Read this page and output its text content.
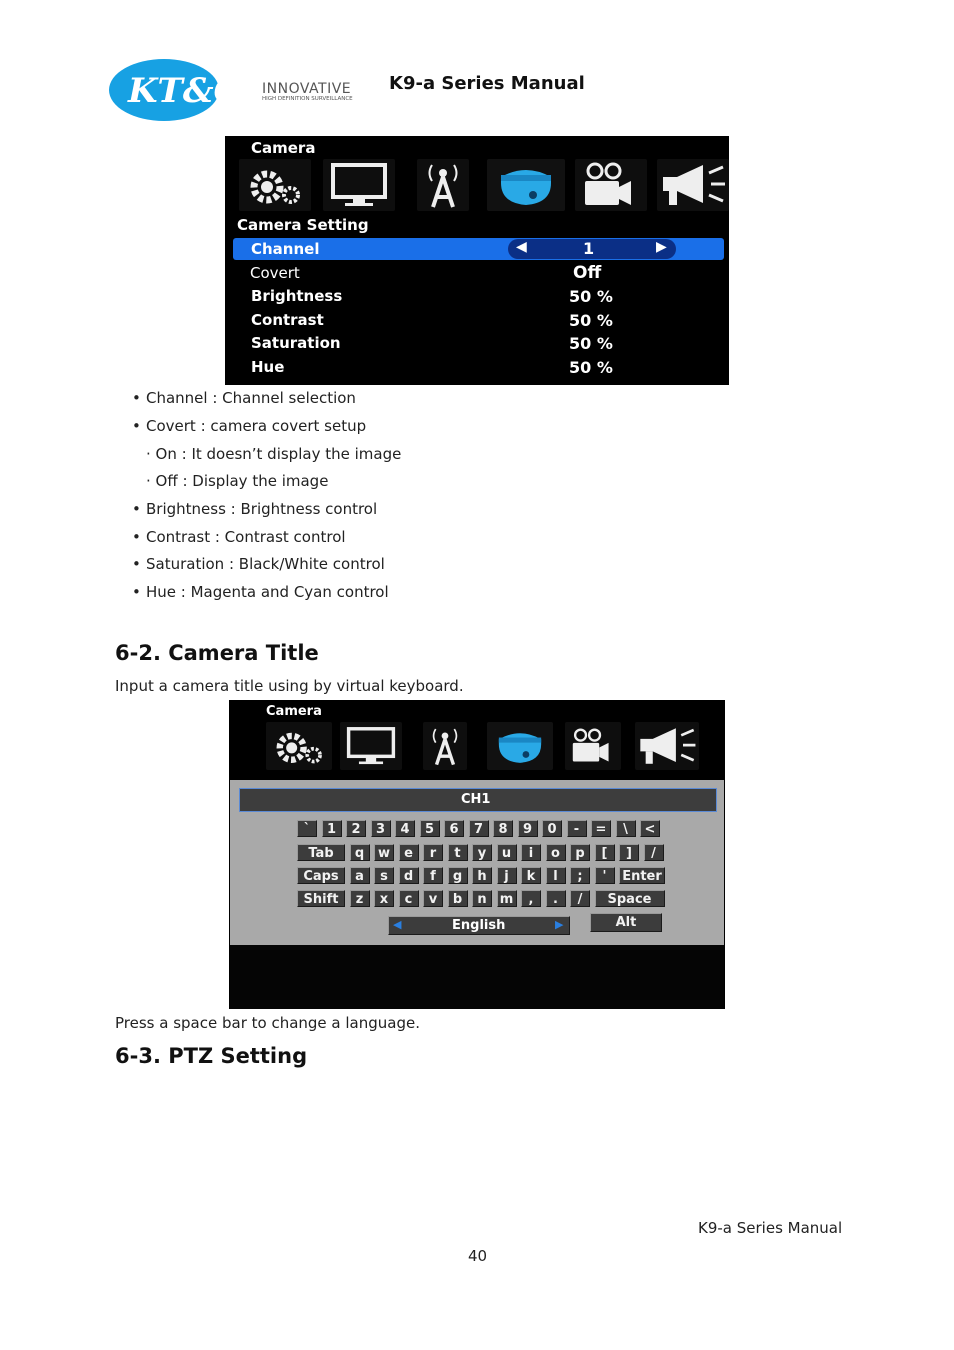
KT&C INNOVATIVE
HIGH DEFINITION SURVEILLANCE
K9-a Series Manual
Camera
Camera Setting
◀	▶
Channel	1
Covert	Off
Brightness	50 %
Contrast	50 %
Saturation	50 %
Hue	50 %
• Channel : Channel selection
• Covert : camera covert setup
· On : It doesn’t display the image
· Off : Display the image
• Brightness : Brightness control
• Contrast : Contrast control
• Saturation : Black/White control
• Hue : Magenta and Cyan control
6-2. Camera Title
Input a camera title using by virtual keyboard.
Camera
CH1
`	1	2	3	4	5	6	7	8	9	0	-	=	\	<
Tab	q	w	e	r	t	y	u	i	o	p	[	]	/
Caps	a	s	d	f	g	h	j	k	l	;	'	Enter
Shift	z	x	c	v	b	n	m	,	.	/	Space
◀	English	▶	Alt
Press a space bar to change a language.
6-3. PTZ Setting
K9-a Series Manual
40
